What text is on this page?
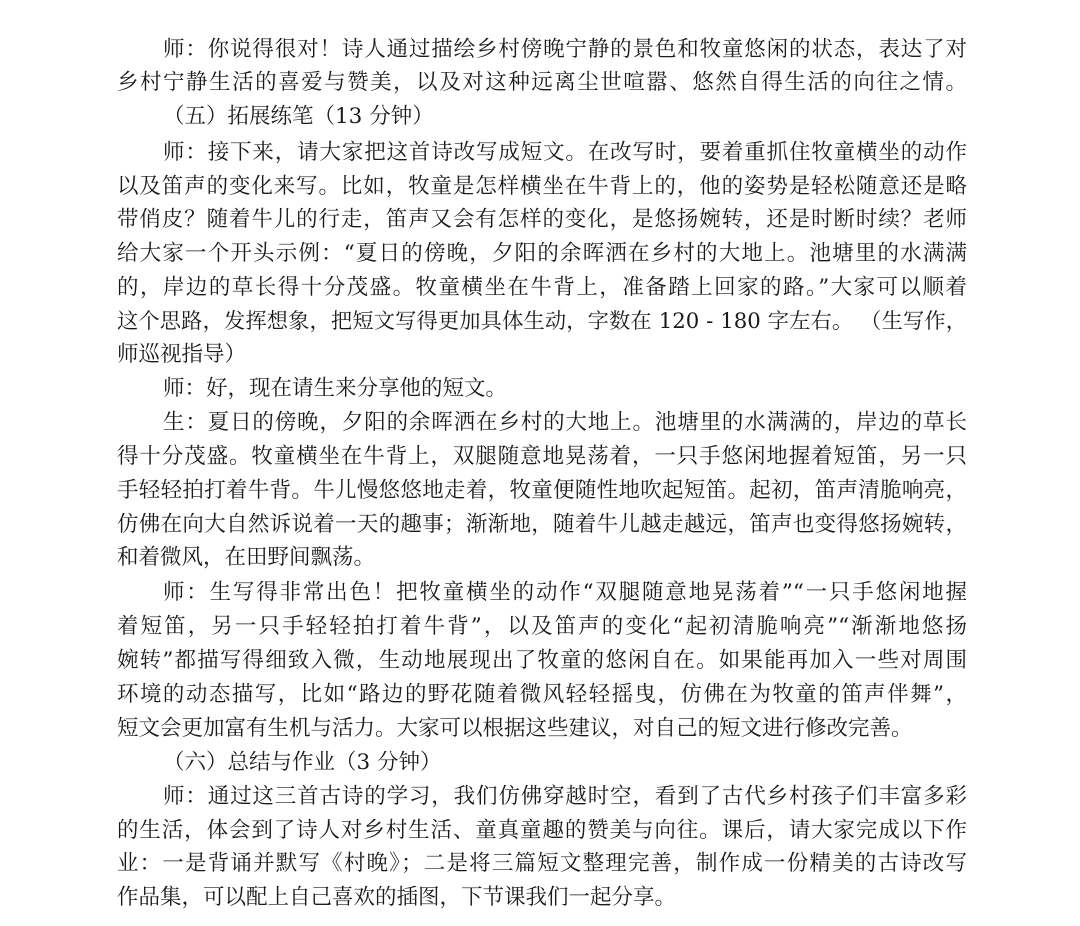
师：你说得很对！诗人通过描绘乡村傍晚宁静的景色和牧童悠闲的状态，表达了对
乡村宁静生活的喜爱与赞美，以及对这种远离尘世喧嚣、悠然自得生活的向往之情。
（五）拓展练笔（13 分钟）
师：接下来，请大家把这首诗改写成短文。在改写时，要着重抓住牧童横坐的动作
以及笛声的变化来写。比如，牧童是怎样横坐在牛背上的，他的姿势是轻松随意还是略
带俏皮？随着牛儿的行走，笛声又会有怎样的变化，是悠扬婉转，还是时断时续？老师
给大家一个开头示例：“夏日的傍晚，夕阳的余晖洒在乡村的大地上。池塘里的水满满
的，岸边的草长得十分茂盛。牧童横坐在牛背上，准备踏上回家的路。”大家可以顺着
这个思路，发挥想象，把短文写得更加具体生动，字数在 120 - 180 字左右。 （生写作，
师巡视指导）
师：好，现在请生来分享他的短文。
生：夏日的傍晚，夕阳的余晖洒在乡村的大地上。池塘里的水满满的，岸边的草长
得十分茂盛。牧童横坐在牛背上，双腿随意地晃荡着，一只手悠闲地握着短笛，另一只
手轻轻拍打着牛背。牛儿慢悠悠地走着，牧童便随性地吹起短笛。起初，笛声清脆响亮，
仿佛在向大自然诉说着一天的趣事；渐渐地，随着牛儿越走越远，笛声也变得悠扬婉转，
和着微风，在田野间飘荡。
师：生写得非常出色！把牧童横坐的动作“双腿随意地晃荡着”“一只手悠闲地握
着短笛，另一只手轻轻拍打着牛背”，以及笛声的变化“起初清脆响亮”“渐渐地悠扬
婉转”都描写得细致入微，生动地展现出了牧童的悠闲自在。如果能再加入一些对周围
环境的动态描写，比如“路边的野花随着微风轻轻摇曳，仿佛在为牧童的笛声伴舞”，
短文会更加富有生机与活力。大家可以根据这些建议，对自己的短文进行修改完善。
（六）总结与作业（3 分钟）
师：通过这三首古诗的学习，我们仿佛穿越时空，看到了古代乡村孩子们丰富多彩
的生活，体会到了诗人对乡村生活、童真童趣的赞美与向往。课后，请大家完成以下作
业：一是背诵并默写《村晚》；二是将三篇短文整理完善，制作成一份精美的古诗改写
作品集，可以配上自己喜欢的插图，下节课我们一起分享。
